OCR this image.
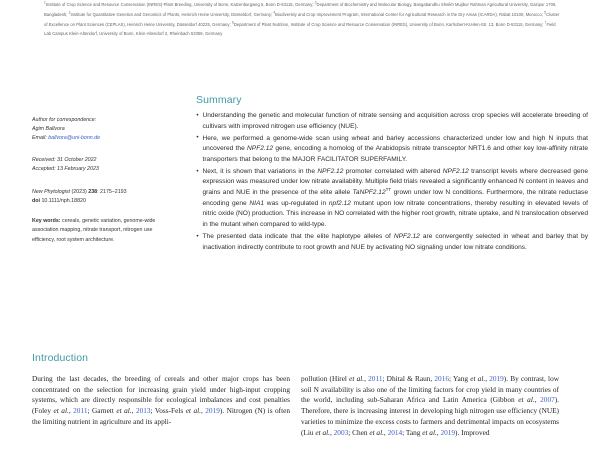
$^1$Institute of Crop Science and Resource Conservation (INRES)-Plant Breeding, University of Bonn, Katzenburgweg 5, Bonn D-53115, Germany; $^2$Department of Biochemistry and Molecular Biology, Bangabandhu Sheikh Mujibur Rahman Agricultural University, Gazipur 1706, Bangladesh; $^3$Institute for Quantitative Genetics and Genomics of Plants, Heinrich Heine University, Düsseldorf, Germany; $^4$Biodiversity and Crop Improvement Program, International Center for Agricultural Research in the Dry Areas (ICARDA), Rabat 10100, Morocco; $^5$Cluster of Excellence on Plant Sciences (CEPLAS), Heinrich Heine University, Düsseldorf 40225, Germany; $^6$Department of Plant Nutrition, Institute of Crop Science and Resource Conservation (INRES), University of Bonn, Karlrobert-Kreiten-Str. 13, Bonn D-53115, Germany; $^7$Field Lab Campus Klein-Altendorf, University of Bonn, Klein-Altendorf 2, Rheinbach 53359, Germany
Author for correspondence:
Agim Ballvora
Email: ballvora@uni-bonn.de
Received: 31 October 2022
Accepted: 13 February 2023
New Phytologist (2023) 238: 2175–2193
doi 10.1111/nph.18820
Key words: cereals, genetic variation, genome-wide association mapping, nitrate transport, nitrogen use efficiency, root system architecture.
Summary
• Understanding the genetic and molecular function of nitrate sensing and acquisition across crop species will accelerate breeding of cultivars with improved nitrogen use efficiency (NUE).
• Here, we performed a genome-wide scan using wheat and barley accessions characterized under low and high N inputs that uncovered the NPF2.12 gene, encoding a homolog of the Arabidopsis nitrate transceptor NRT1.6 and other key low-affinity nitrate transporters that belong to the MAJOR FACILITATOR SUPERFAMILY.
• Next, it is shown that variations in the NPF2.12 promoter correlated with altered NPF2.12 transcript levels where decreased gene expression was measured under low nitrate availability. Multiple field trials revealed a significantly enhanced N content in leaves and grains and NUE in the presence of the elite allele $TaNPF2.12^{TT}$ grown under low N conditions. Furthermore, the nitrate reductase encoding gene NIA1 was up-regulated in npf2.12 mutant upon low nitrate concentrations, thereby resulting in elevated levels of nitric oxide (NO) production. This increase in NO correlated with the higher root growth, nitrate uptake, and N translocation observed in the mutant when compared to wild-type.
• The presented data indicate that the elite haplotype alleles of NPF2.12 are convergently selected in wheat and barley that by inactivation indirectly contribute to root growth and NUE by activating NO signaling under low nitrate conditions.
Introduction
During the last decades, the breeding of cereals and other major crops has been concentrated on the selection for increasing grain yield under high-input cropping systems, which are directly responsible for ecological imbalances and cost penalties (Foley et al., 2011; Garnett et al., 2013; Voss-Fels et al., 2019). Nitrogen (N) is often the limiting nutrient in agriculture and its appli-
pollution (Hirel et al., 2011; Dhital & Raun, 2016; Yang et al., 2019). By contrast, low soil N availability is also one of the limiting factors for crop yield in many countries of the world, including sub-Saharan Africa and Latin America (Gibbon et al., 2007). Therefore, there is increasing interest in developing high nitrogen use efficiency (NUE) varieties to minimize the excess costs to farmers and detrimental impacts on ecosystems (Liu et al., 2003; Chen et al., 2014; Tang et al., 2019). Improved
